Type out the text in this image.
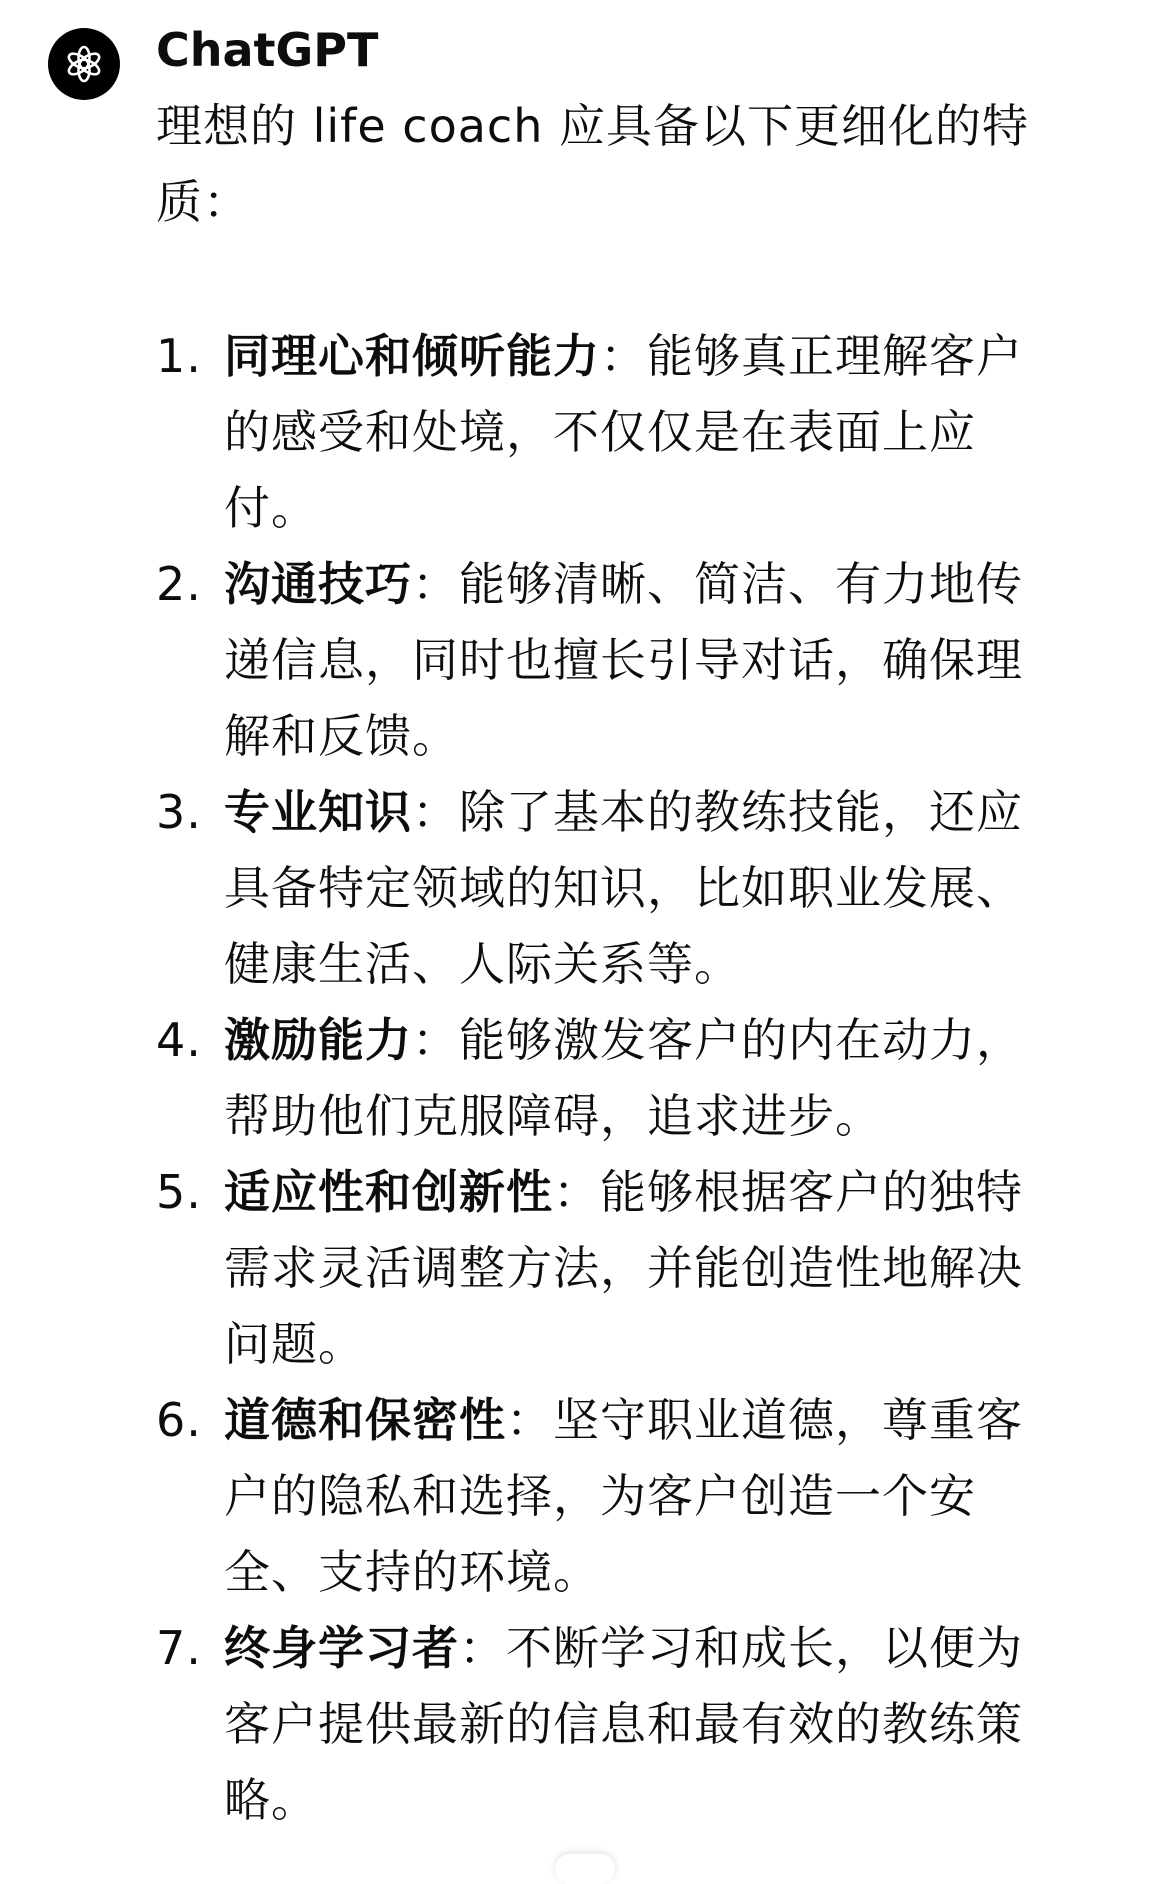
ChatGPT

理想的 life coach 应具备以下更细化的特质：

1. 同理心和倾听能力：能够真正理解客户的感受和处境，不仅仅是在表面上应付。
2. 沟通技巧：能够清晰、简洁、有力地传递信息，同时也擅长引导对话，确保理解和反馈。
3. 专业知识：除了基本的教练技能，还应具备特定领域的知识，比如职业发展、健康生活、人际关系等。
4. 激励能力：能够激发客户的内在动力，帮助他们克服障碍，追求进步。
5. 适应性和创新性：能够根据客户的独特需求灵活调整方法，并能创造性地解决问题。
6. 道德和保密性：坚守职业道德，尊重客户的隐私和选择，为客户创造一个安全、支持的环境。
7. 终身学习者：不断学习和成长，以便为客户提供最新的信息和最有效的教练策略。
